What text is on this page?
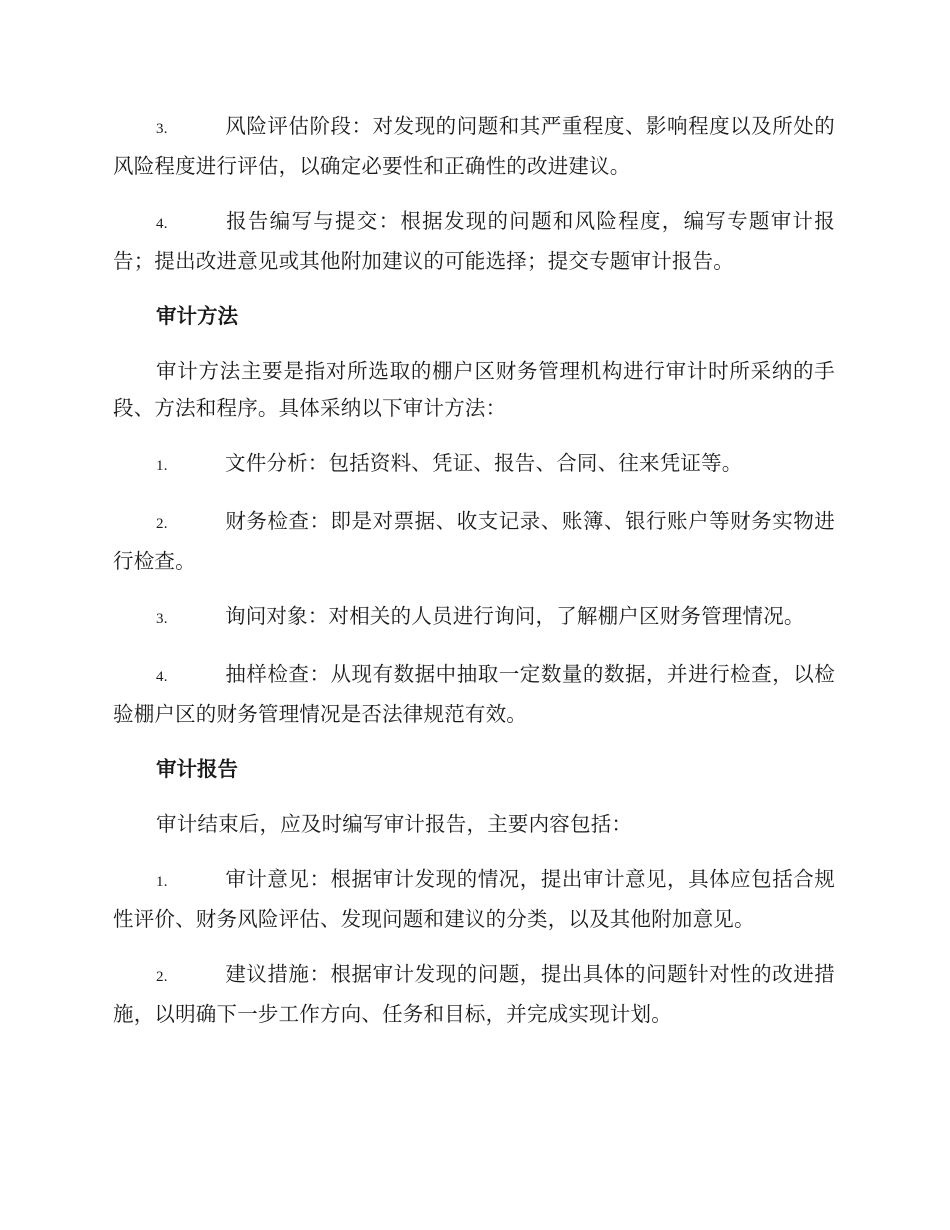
3.	风险评估阶段：对发现的问题和其严重程度、影响程度以及所处的风险程度进行评估，以确定必要性和正确性的改进建议。

4.	报告编写与提交：根据发现的问题和风险程度，编写专题审计报告；提出改进意见或其他附加建议的可能选择；提交专题审计报告。

审计方法

审计方法主要是指对所选取的棚户区财务管理机构进行审计时所采纳的手段、方法和程序。具体采纳以下审计方法：

1.	文件分析：包括资料、凭证、报告、合同、往来凭证等。

2.	财务检查：即是对票据、收支记录、账簿、银行账户等财务实物进行检查。

3.	询问对象：对相关的人员进行询问，了解棚户区财务管理情况。

4.	抽样检查：从现有数据中抽取一定数量的数据，并进行检查，以检验棚户区的财务管理情况是否法律规范有效。

审计报告

审计结束后，应及时编写审计报告，主要内容包括：

1.	审计意见：根据审计发现的情况，提出审计意见，具体应包括合规性评价、财务风险评估、发现问题和建议的分类，以及其他附加意见。

2.	建议措施：根据审计发现的问题，提出具体的问题针对性的改进措施，以明确下一步工作方向、任务和目标，并完成实现计划。
